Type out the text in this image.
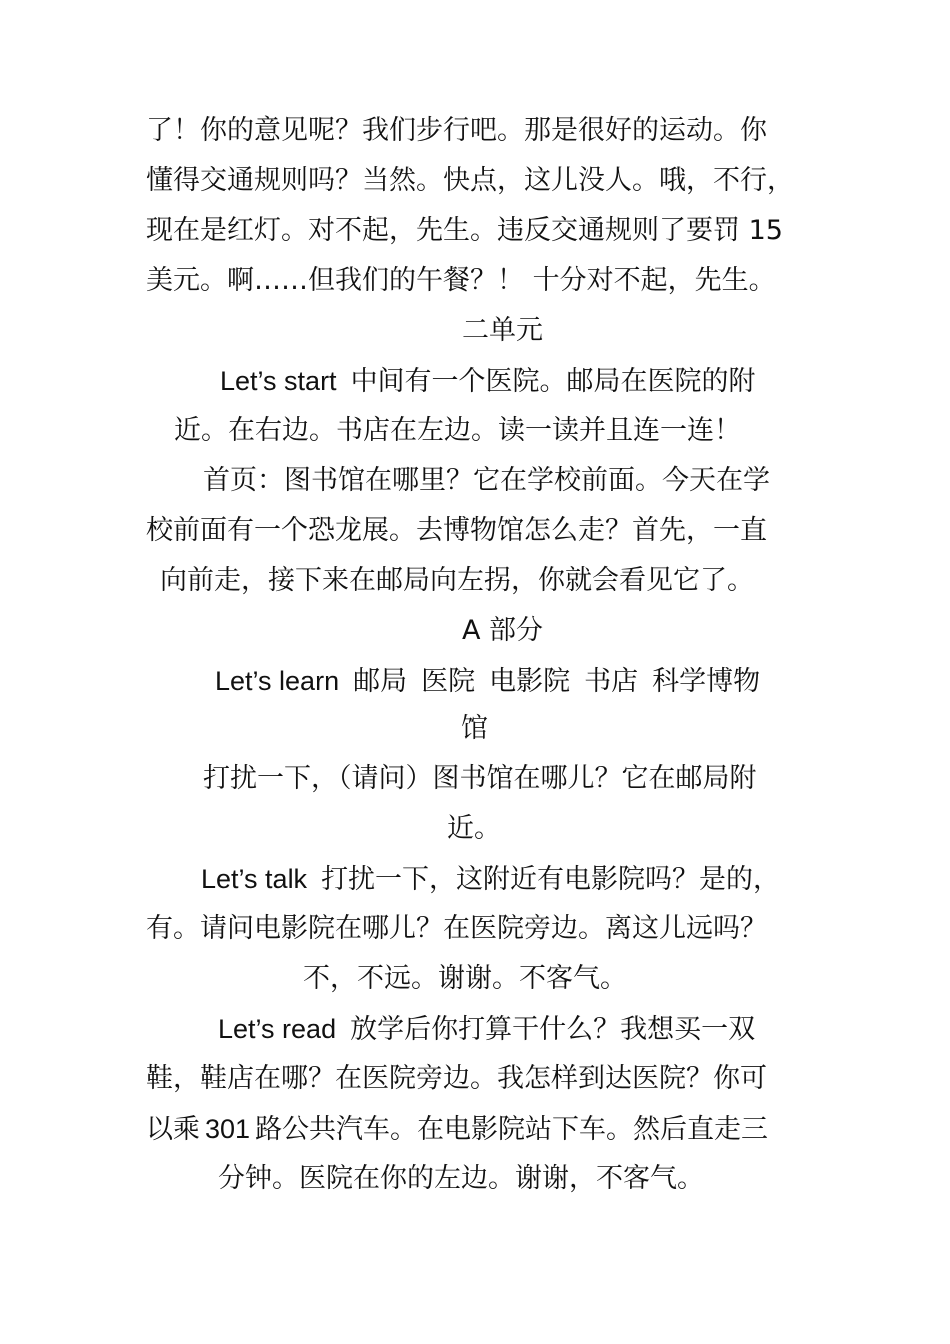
了！你的意见呢？我们步行吧。那是很好的运动。你
懂得交通规则吗？当然。快点，这儿没人。哦，不行，
现在是红灯。对不起，先生。违反交通规则了要罚 15
美元。啊……但我们的午餐？！ 十分对不起，先生。
二单元
Let’s start 中间有一个医院。邮局在医院的附
近。在右边。书店在左边。读一读并且连一连！
首页：图书馆在哪里？它在学校前面。今天在学
校前面有一个恐龙展。去博物馆怎么走？首先，一直
向前走，接下来在邮局向左拐，你就会看见它了。
A 部分
Let’s learn 邮局 医院 电影院 书店 科学博物
馆
打扰一下，（请问）图书馆在哪儿？它在邮局附
近。
Let’s talk 打扰一下，这附近有电影院吗？是的，
有。请问电影院在哪儿？在医院旁边。离这儿远吗？
不，不远。谢谢。不客气。
Let’s read 放学后你打算干什么？我想买一双
鞋，鞋店在哪？在医院旁边。我怎样到达医院？你可
以乘 301 路公共汽车。在电影院站下车。然后直走三
分钟。医院在你的左边。谢谢，不客气。
